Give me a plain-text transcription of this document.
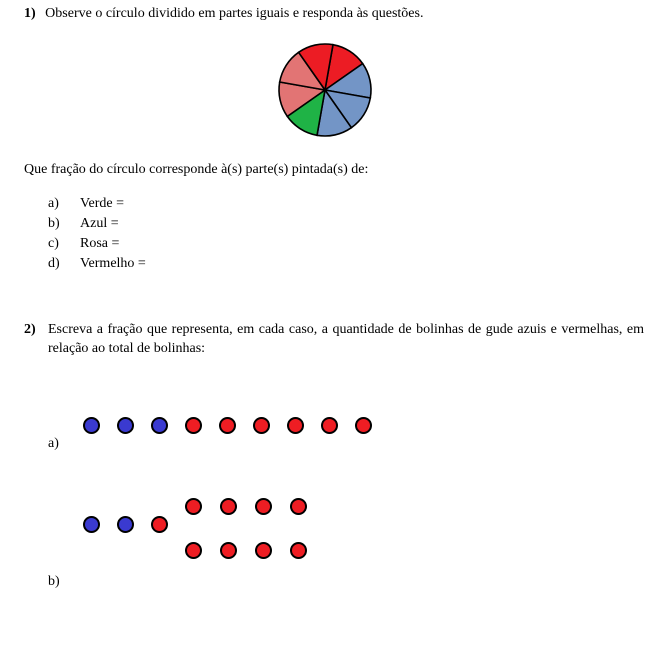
1) Observe o círculo dividido em partes iguais e responda às questões.
Que fração do círculo corresponde à(s) parte(s) pintada(s) de:
a) Verde =
b) Azul =
c) Rosa =
d) Vermelho =
2) Escreva a fração que representa, em cada caso, a quantidade de bolinhas de gude azuis e vermelhas, em relação ao total de bolinhas:
a)
b)
